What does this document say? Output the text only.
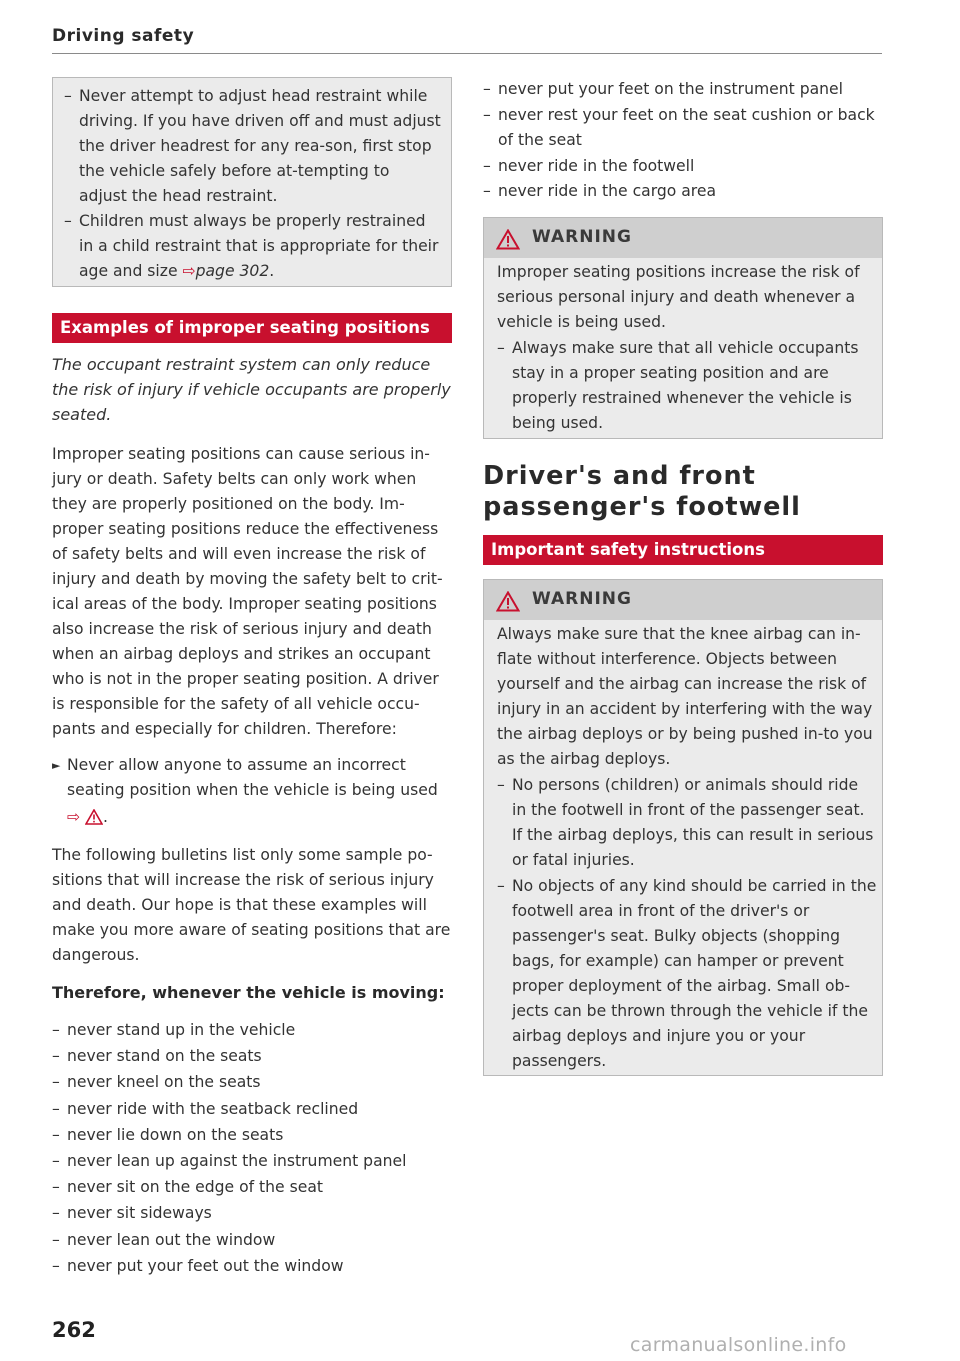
Driving safety
– Never attempt to adjust head restraint while driving. If you have driven off and must adjust the driver headrest for any rea-son, first stop the vehicle safely before at-tempting to adjust the head restraint.
– Children must always be properly restrained in a child restraint that is appropriate for their age and size ⇨page 302.
Examples of improper seating positions
The occupant restraint system can only reduce the risk of injury if vehicle occupants are properly seated.
Improper seating positions can cause serious in-jury or death. Safety belts can only work when they are properly positioned on the body. Im-proper seating positions reduce the effectiveness of safety belts and will even increase the risk of injury and death by moving the safety belt to crit-ical areas of the body. Improper seating positions also increase the risk of serious injury and death when an airbag deploys and strikes an occupant who is not in the proper seating position. A driver is responsible for the safety of all vehicle occu-pants and especially for children. Therefore:
► Never allow anyone to assume an incorrect seating position when the vehicle is being used
⇨ .
The following bulletins list only some sample po-sitions that will increase the risk of serious injury and death. Our hope is that these examples will make you more aware of seating positions that are dangerous.
Therefore, whenever the vehicle is moving:
– never stand up in the vehicle
– never stand on the seats
– never kneel on the seats
– never ride with the seatback reclined
– never lie down on the seats
– never lean up against the instrument panel
– never sit on the edge of the seat
– never sit sideways
– never lean out the window
– never put your feet out the window
262
– never put your feet on the instrument panel
– never rest your feet on the seat cushion or back of the seat
– never ride in the footwell
– never ride in the cargo area
WARNING
Improper seating positions increase the risk of serious personal injury and death whenever a vehicle is being used.
– Always make sure that all vehicle occupants stay in a proper seating position and are properly restrained whenever the vehicle is being used.
Driver's and front
passenger's footwell
Important safety instructions
WARNING
Always make sure that the knee airbag can in-flate without interference. Objects between yourself and the airbag can increase the risk of injury in an accident by interfering with the way the airbag deploys or by being pushed in-to you as the airbag deploys.
– No persons (children) or animals should ride in the footwell in front of the passenger seat. If the airbag deploys, this can result in serious or fatal injuries.
– No objects of any kind should be carried in the footwell area in front of the driver's or passenger's seat. Bulky objects (shopping bags, for example) can hamper or prevent proper deployment of the airbag. Small ob-jects can be thrown through the vehicle if the airbag deploys and injure you or your passengers.
carmanualsonline.info
